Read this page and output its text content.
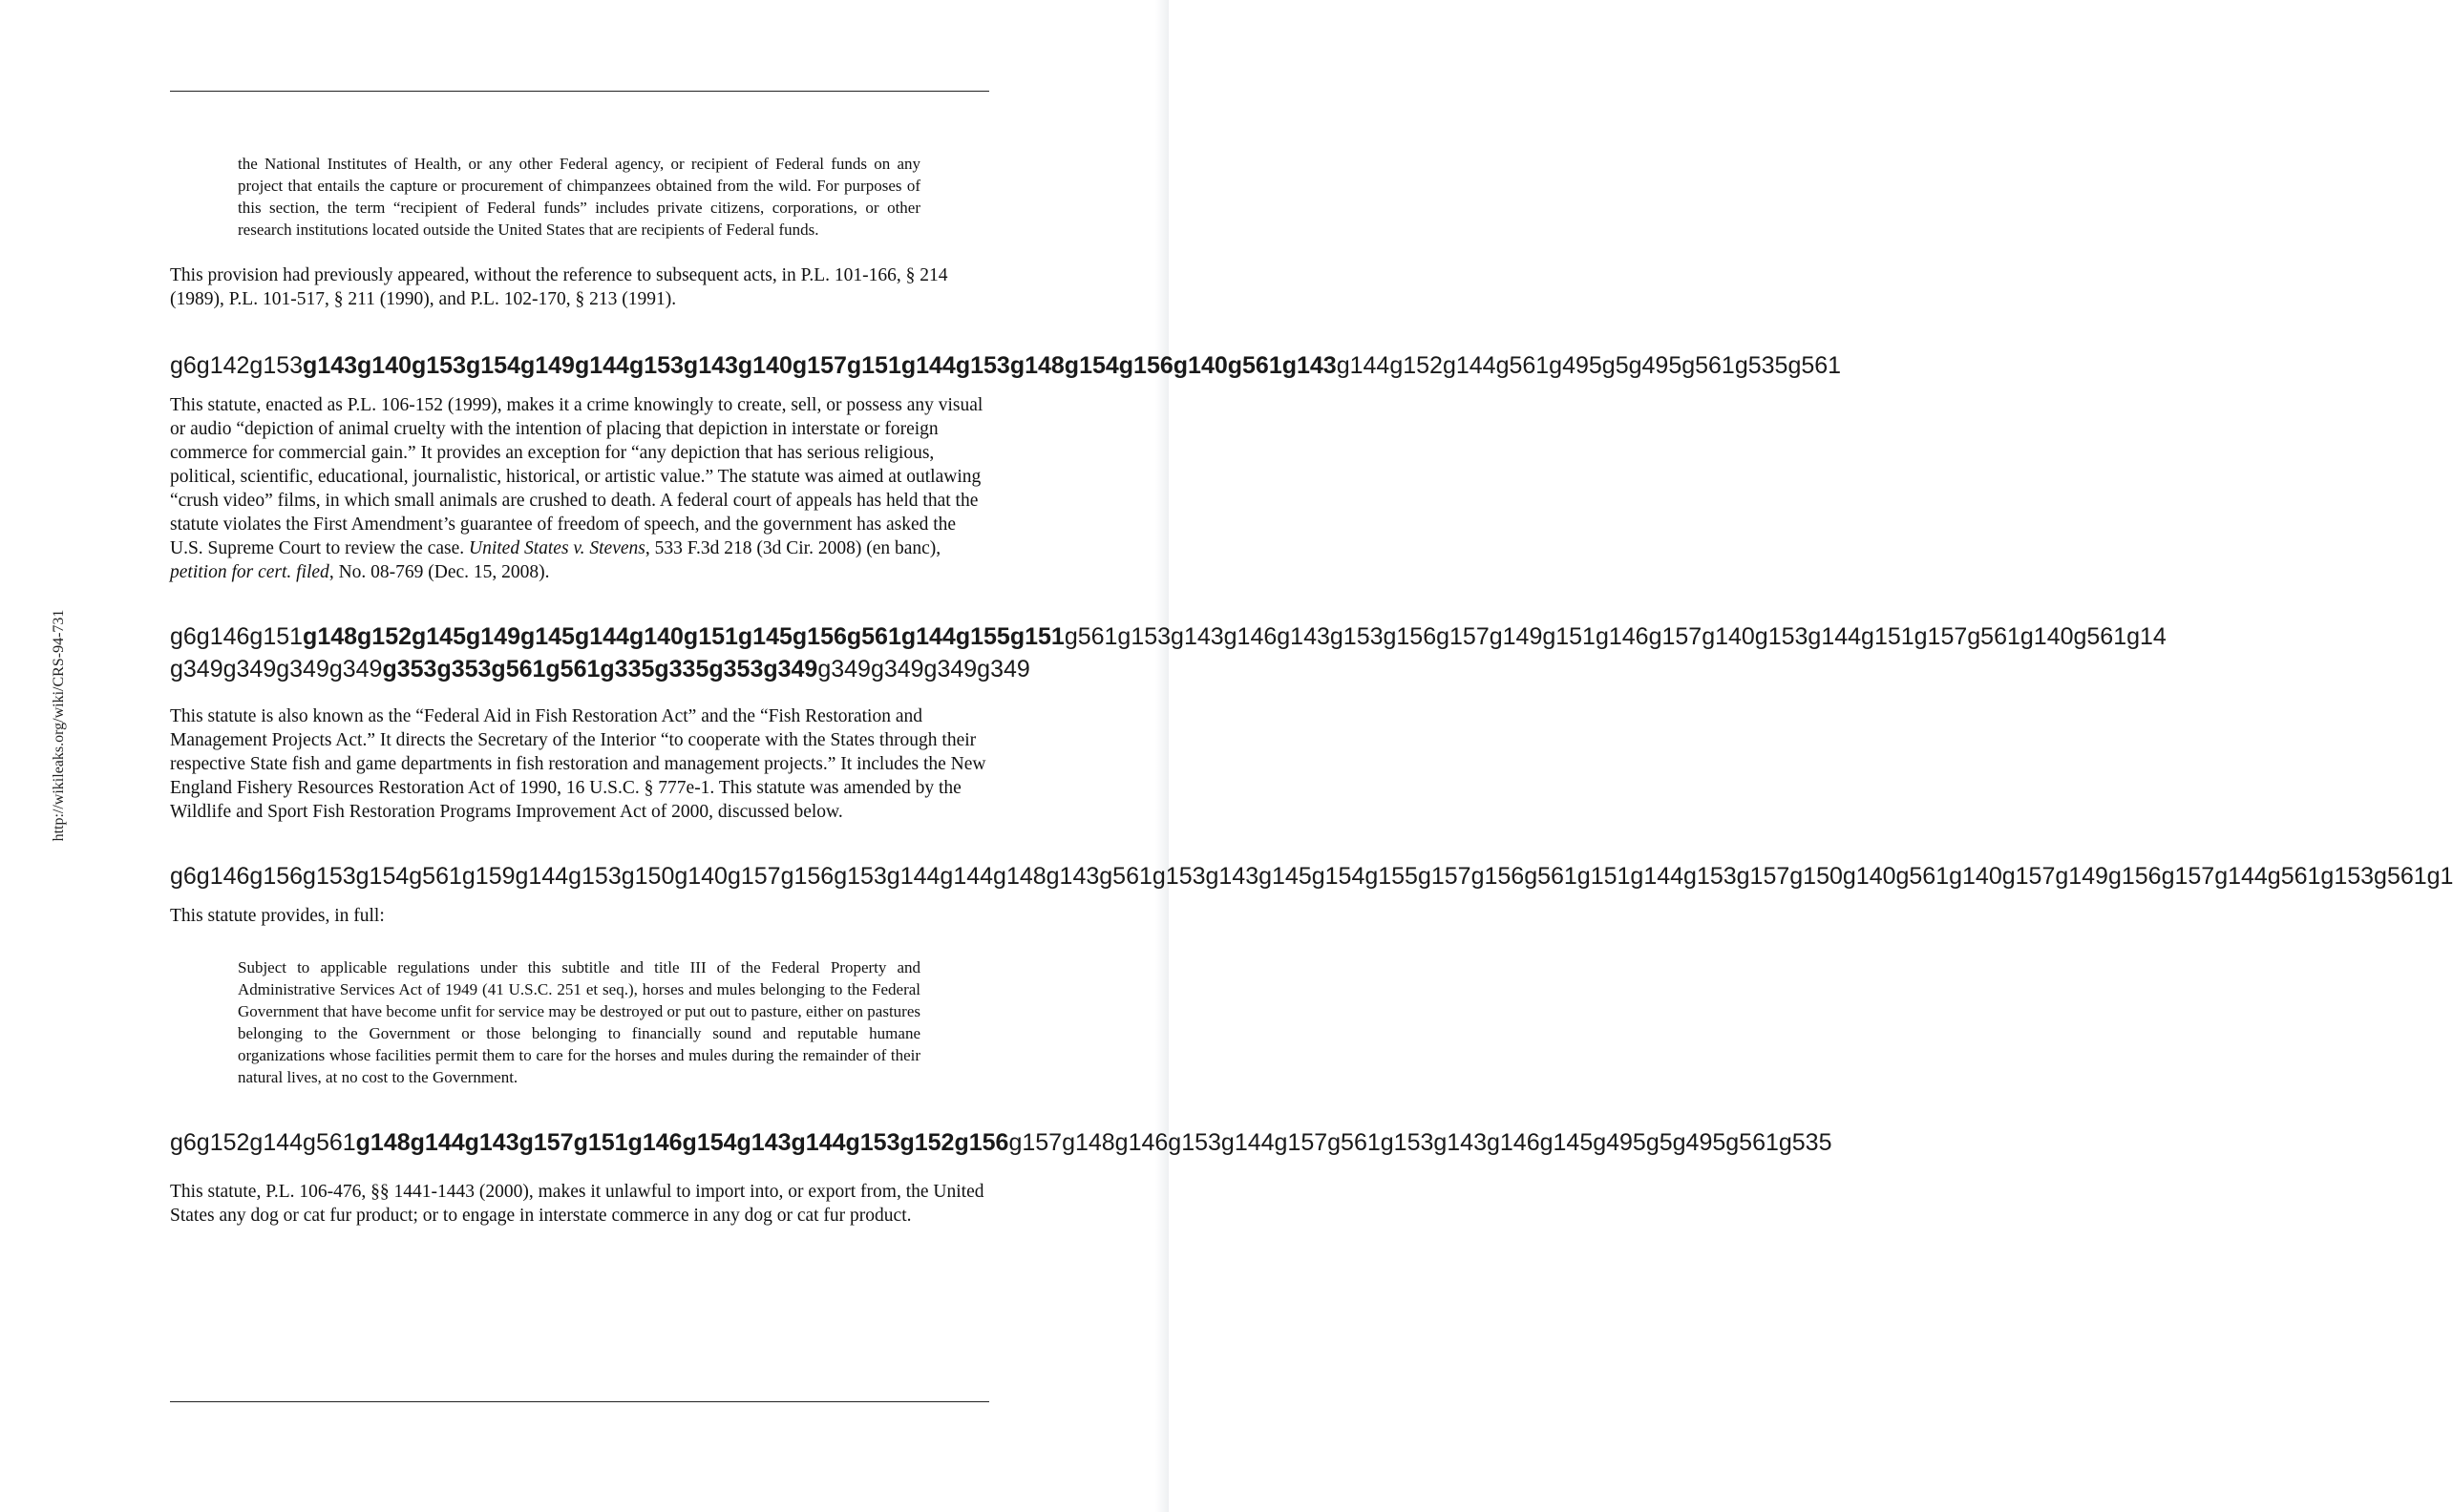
http://wikileaks.org/wiki/CRS-94-731

the National Institutes of Health, or any other Federal agency, or recipient of Federal funds on any project that entails the capture or procurement of chimpanzees obtained from the wild. For purposes of this section, the term “recipient of Federal funds” includes private citizens, corporations, or other research institutions located outside the United States that are recipients of Federal funds.

This provision had previously appeared, without the reference to subsequent acts, in P.L. 101-166, § 214 (1989), P.L. 101-517, § 211 (1990), and P.L. 102-170, § 213 (1991).

g6g142g153g143g140g153g154g149g144g153g143g140g157g151g144g153g148g154g156g140g561g143g144g152g144g561g495g5g495g561g535g561

This statute, enacted as P.L. 106-152 (1999), makes it a crime knowingly to create, sell, or possess any visual or audio “depiction of animal cruelty with the intention of placing that depiction in interstate or foreign commerce for commercial gain.” It provides an exception for “any depiction that has serious religious, political, scientific, educational, journalistic, historical, or artistic value.” The statute was aimed at outlawing “crush video” films, in which small animals are crushed to death. A federal court of appeals has held that the statute violates the First Amendment’s guarantee of freedom of speech, and the government has asked the U.S. Supreme Court to review the case. United States v. Stevens, 533 F.3d 218 (3d Cir. 2008) (en banc), petition for cert. filed, No. 08-769 (Dec. 15, 2008).

g6g146g151g148g152g145g149g145g144g140g151g145g156g561g144g155g151g561g153g143g146g143g153g156g157g149g151g146g157g140g153g144g151g157g561g140g561g14

g349g349g349g349g353g353g561g561g335g335g353g349g349g349g349g349

This statute is also known as the “Federal Aid in Fish Restoration Act” and the “Fish Restoration and Management Projects Act.” It directs the Secretary of the Interior “to cooperate with the States through their respective State fish and game departments in fish restoration and management projects.” It includes the New England Fishery Resources Restoration Act of 1990, 16 U.S.C. § 777e-1. This statute was amended by the Wildlife and Sport Fish Restoration Programs Improvement Act of 2000, discussed below.

g6g146g156g153g154g561g159g144g153g150g140g157g156g153g144g144g148g143g561g153g143g145g154g155g157g156g561g151g144g153g157g150g140g561g140g157g149g156g157g144g561g153g561g1

This statute provides, in full:

Subject to applicable regulations under this subtitle and title III of the Federal Property and Administrative Services Act of 1949 (41 U.S.C. 251 et seq.), horses and mules belonging to the Federal Government that have become unfit for service may be destroyed or put out to pasture, either on pastures belonging to the Government or those belonging to financially sound and reputable humane organizations whose facilities permit them to care for the horses and mules during the remainder of their natural lives, at no cost to the Government.

g6g152g144g561g148g144g143g157g151g146g154g143g144g153g152g156g157g148g146g153g144g157g561g153g143g146g145g495g5g495g561g535

This statute, P.L. 106-476, §§ 1441-1443 (2000), makes it unlawful to import into, or export from, the United States any dog or cat fur product; or to engage in interstate commerce in any dog or cat fur product.
